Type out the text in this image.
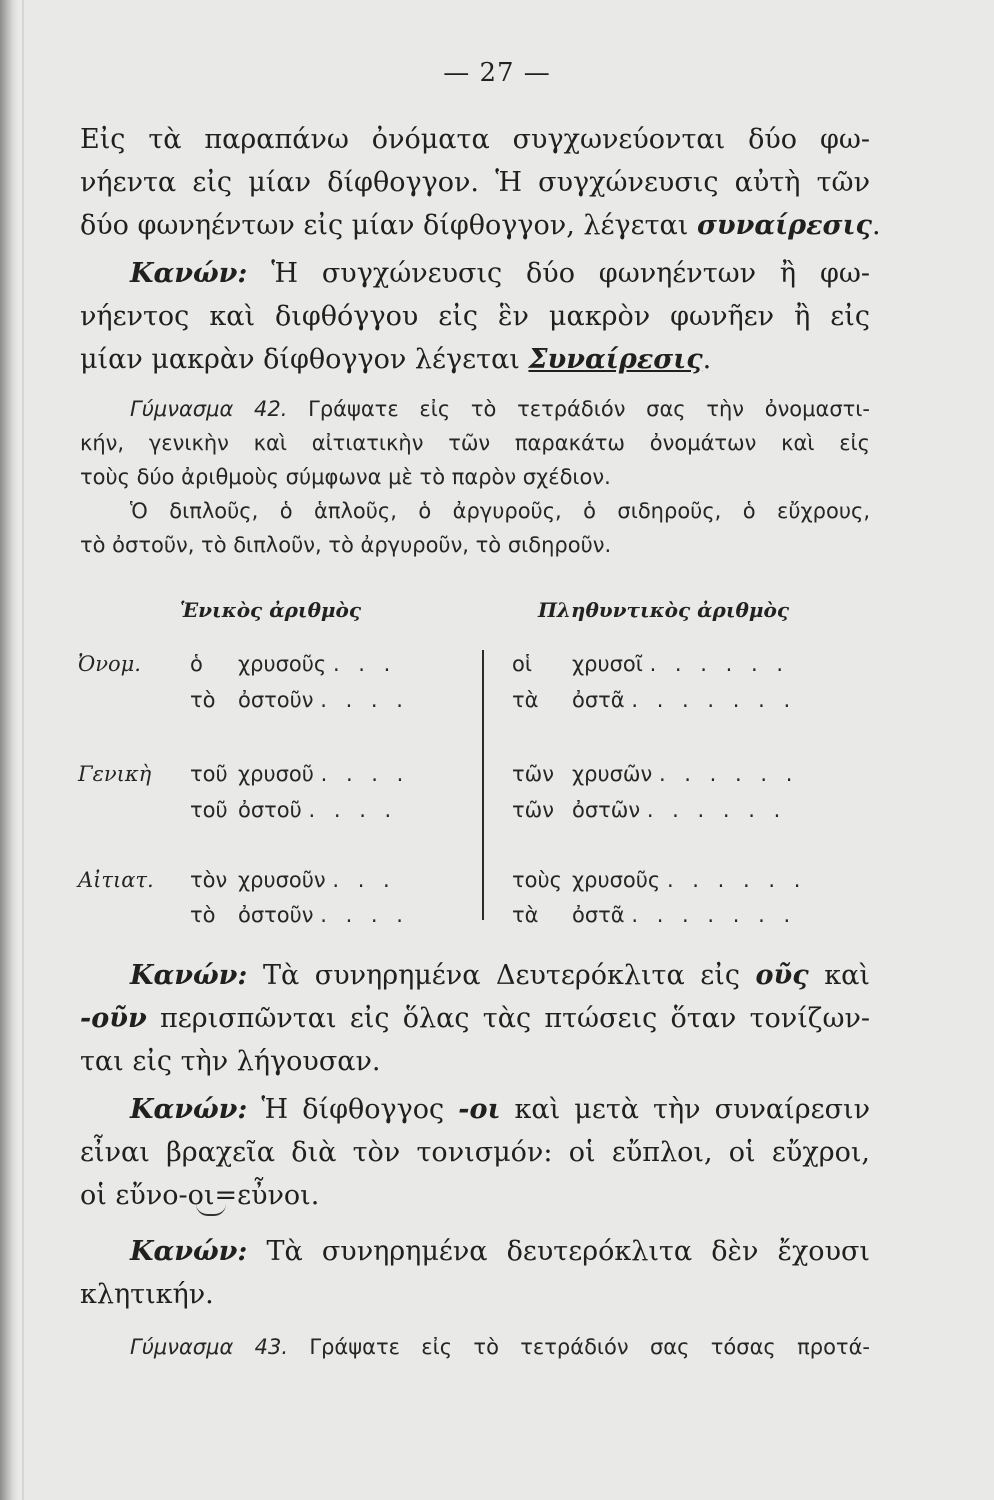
— 27 —
Εἰς τὰ παραπάνω ὀνόματα συγχωνεύονται δύο φω-
νήεντα εἰς μίαν δίφθογγον. Ἡ συγχώνευσις αὐτὴ τῶν
δύο φωνηέντων εἰς μίαν δίφθογγον, λέγεται συναίρεσις.
Κανών: Ἡ συγχώνευσις δύο φωνηέντων ἢ φω-
νήεντος καὶ διφθόγγου εἰς ἓν μακρὸν φωνῆεν ἢ εἰς
μίαν μακρὰν δίφθογγον λέγεται Συναίρεσις.
Γύμνασμα 42. Γράψατε εἰς τὸ τετράδιόν σας τὴν ὀνομαστι-
κήν, γενικὴν καὶ αἰτιατικὴν τῶν παρακάτω ὀνομάτων καὶ εἰς
τοὺς δύο ἀριθμοὺς σύμφωνα μὲ τὸ παρὸν σχέδιον.
Ὁ διπλοῦς, ὁ ἁπλοῦς, ὁ ἀργυροῦς, ὁ σιδηροῦς, ὁ εὔχρους,
τὸ ὀστοῦν, τὸ διπλοῦν, τὸ ἀργυροῦν, τὸ σιδηροῦν.
Ἑνικὸς ἀριθμὸς	Πληθυντικὸς ἀριθμὸς
Ὀνομ. ὁ χρυσοῦς . . .	οἱ χρυσοῖ . . . . . .
τὸ ὀστοῦν . . . .	τὰ ὀστᾶ . . . . . . .
Γενικὴ τοῦ χρυσοῦ . . . .	τῶν χρυσῶν . . . . . .
τοῦ ὀστοῦ . . . .	τῶν ὀστῶν . . . . . .
Αἰτιατ. τὸν χρυσοῦν . . .	τοὺς χρυσοῦς . . . . . .
τὸ ὀστοῦν . . . .	τὰ ὀστᾶ . . . . . . .
Κανών: Τὰ συνηρημένα Δευτερόκλιτα εἰς οῦς καὶ
-οῦν περισπῶνται εἰς ὅλας τὰς πτώσεις ὅταν τονίζων-
ται εἰς τὴν λήγουσαν.
Κανών: Ἡ δίφθογγος -οι καὶ μετὰ τὴν συναίρεσιν
εἶναι βραχεῖα διὰ τὸν τονισμόν: οἱ εὔπλοι, οἱ εὔχροι,
οἱ εὔνο-οι=εὖνοι.
Κανών: Τὰ συνηρημένα δευτερόκλιτα δὲν ἔχουσι
κλητικήν.
Γύμνασμα 43. Γράψατε εἰς τὸ τετράδιόν σας τόσας προτά-
